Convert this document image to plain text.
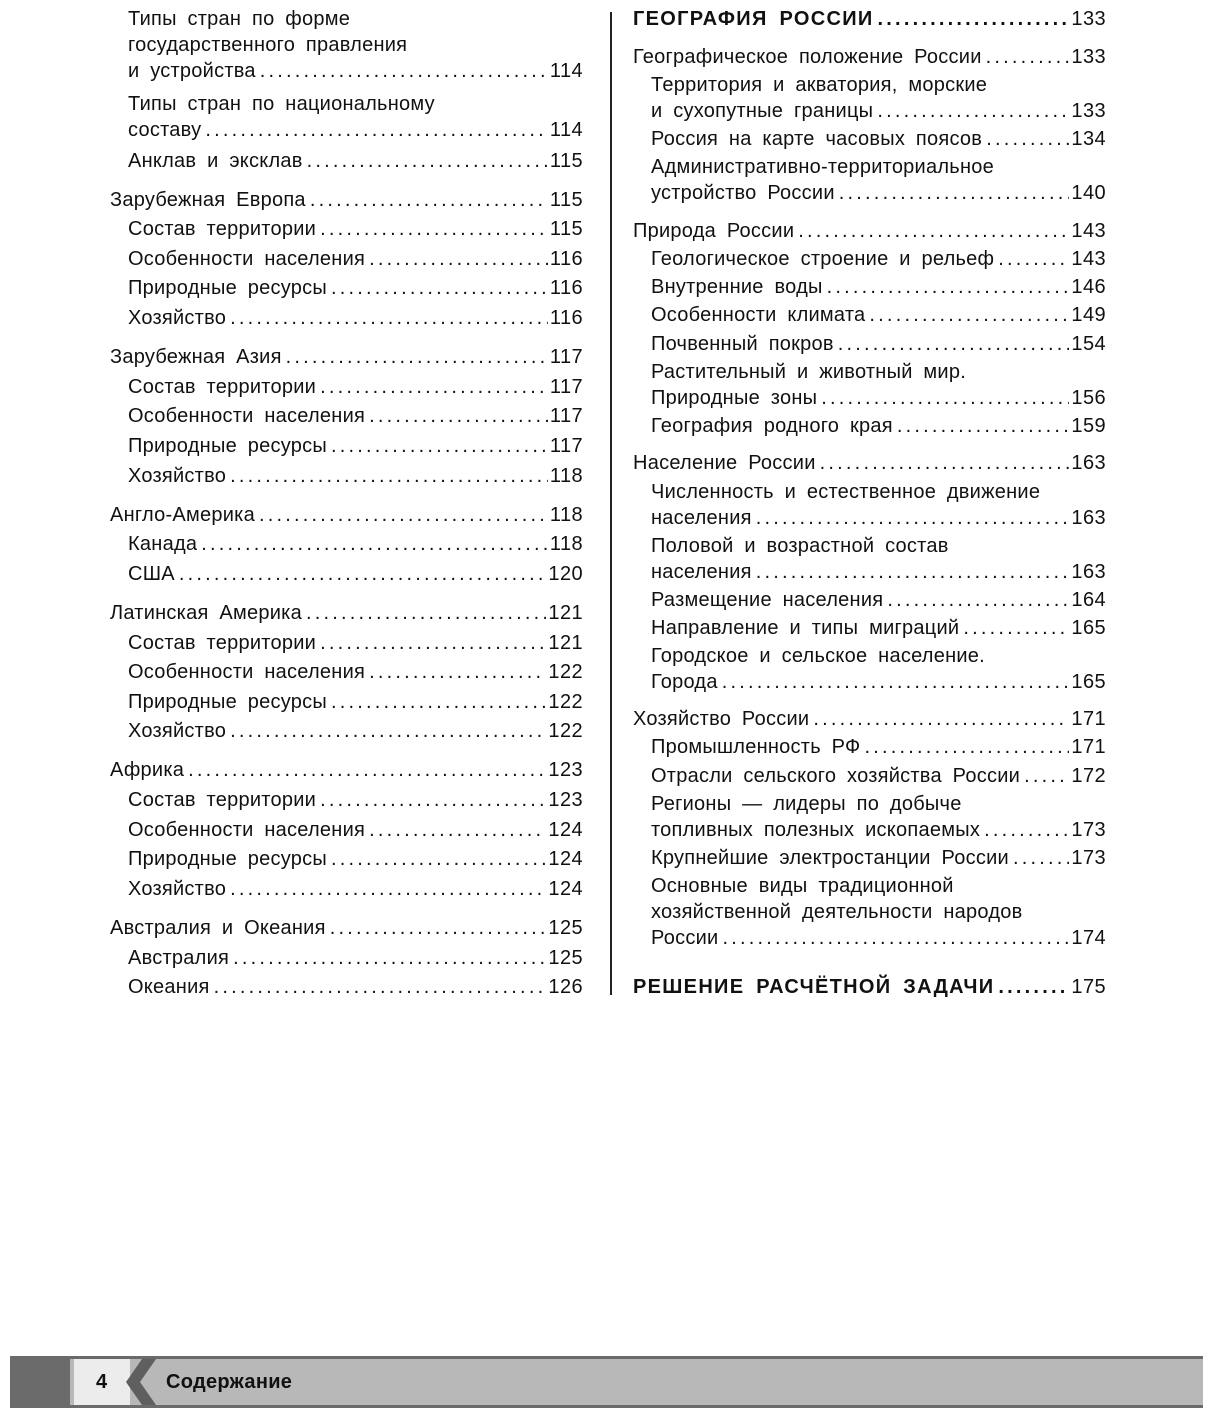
Типы стран по форме
государственного правления
и устройства .....	114
Типы стран по национальному
составу .....	114
Анклав и эксклав .....	115
Зарубежная Европа .....	115
Состав территории .....	115
Особенности населения .....	116
Природные ресурсы .....	116
Хозяйство .....	116
Зарубежная Азия .....	117
Состав территории .....	117
Особенности населения .....	117
Природные ресурсы .....	117
Хозяйство .....	118
Англо-Америка .....	118
Канада .....	118
США .....	120
Латинская Америка .....	121
Состав территории .....	121
Особенности населения .....	122
Природные ресурсы .....	122
Хозяйство .....	122
Африка .....	123
Состав территории .....	123
Особенности населения .....	124
Природные ресурсы .....	124
Хозяйство .....	124
Австралия и Океания .....	125
Австралия .....	125
Океания .....	126
ГЕОГРАФИЯ РОССИИ .....	133
Географическое положение России .....	133
Территория и акватория, морские
и сухопутные границы .....	133
Россия на карте часовых поясов .....	134
Административно-территориальное
устройство России .....	140
Природа России .....	143
Геологическое строение и рельеф .....	143
Внутренние воды .....	146
Особенности климата .....	149
Почвенный покров .....	154
Растительный и животный мир.
Природные зоны .....	156
География родного края .....	159
Население России .....	163
Численность и естественное движение
населения .....	163
Половой и возрастной состав
населения .....	163
Размещение населения .....	164
Направление и типы миграций .....	165
Городское и сельское население.
Города .....	165
Хозяйство России .....	171
Промышленность РФ .....	171
Отрасли сельского хозяйства России .....	172
Регионы — лидеры по добыче
топливных полезных ископаемых .....	173
Крупнейшие электростанции России .....	173
Основные виды традиционной
хозяйственной деятельности народов
России .....	174
РЕШЕНИЕ РАСЧЁТНОЙ ЗАДАЧИ .....	175
4	Содержание
